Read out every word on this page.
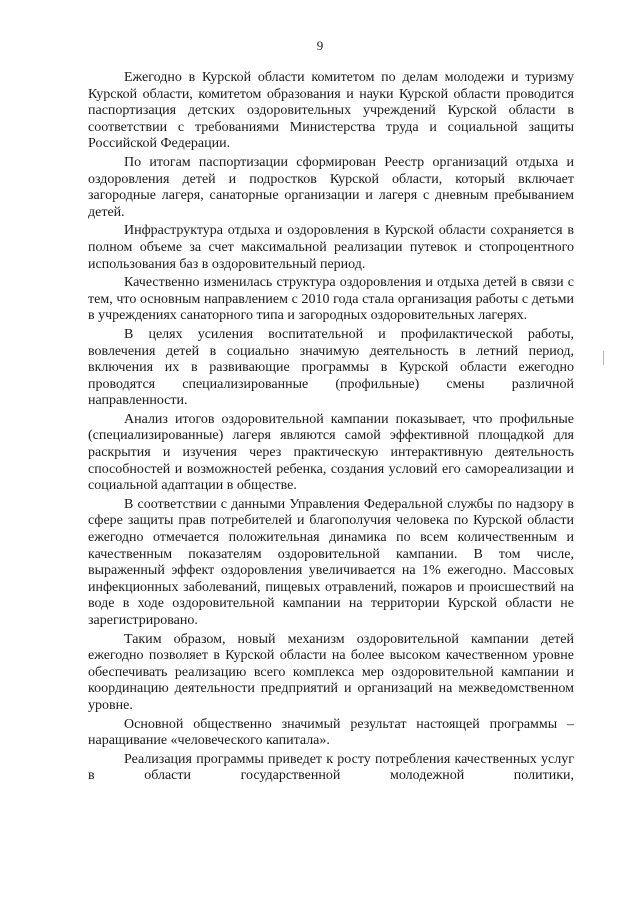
9

Ежегодно в Курской области комитетом по делам молодежи и туризму Курской области, комитетом образования и науки Курской области проводится паспортизация детских оздоровительных учреждений Курской области в соответствии с требованиями Министерства труда и социальной защиты Российской Федерации.

По итогам паспортизации сформирован Реестр организаций отдыха и оздоровления детей и подростков Курской области, который включает загородные лагеря, санаторные организации и лагеря с дневным пребыванием детей.

Инфраструктура отдыха и оздоровления в Курской области сохраняется в полном объеме за счет максимальной реализации путевок и стопроцентного использования баз в оздоровительный период.

Качественно изменилась структура оздоровления и отдыха детей в связи с тем, что основным направлением с 2010 года стала организация работы с детьми в учреждениях санаторного типа и загородных оздоровительных лагерях.

В целях усиления воспитательной и профилактической работы, вовлечения детей в социально значимую деятельность в летний период, включения их в развивающие программы в Курской области ежегодно проводятся специализированные (профильные) смены различной направленности.

Анализ итогов оздоровительной кампании показывает, что профильные (специализированные) лагеря являются самой эффективной площадкой для раскрытия и изучения через практическую интерактивную деятельность способностей и возможностей ребенка, создания условий его самореализации и социальной адаптации в обществе.

В соответствии с данными Управления Федеральной службы по надзору в сфере защиты прав потребителей и благополучия человека по Курской области ежегодно отмечается положительная динамика по всем количественным и качественным показателям оздоровительной кампании. В том числе, выраженный эффект оздоровления увеличивается на 1% ежегодно. Массовых инфекционных заболеваний, пищевых отравлений, пожаров и происшествий на воде в ходе оздоровительной кампании на территории Курской области не зарегистрировано.

Таким образом, новый механизм оздоровительной кампании детей ежегодно позволяет в Курской области на более высоком качественном уровне обеспечивать реализацию всего комплекса мер оздоровительной кампании и координацию деятельности предприятий и организаций на межведомственном уровне.

Основной общественно значимый результат настоящей программы – наращивание «человеческого капитала».

Реализация программы приведет к росту потребления качественных услуг в области государственной молодежной политики,
